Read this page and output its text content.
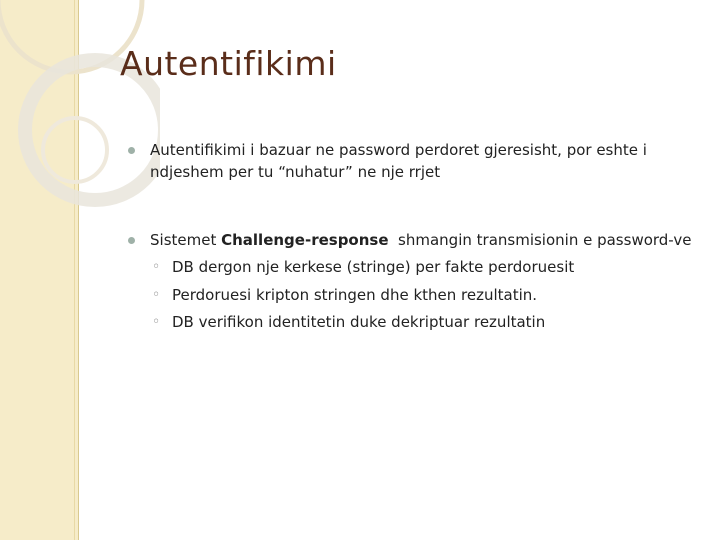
Autentifikimi
Autentifikimi i bazuar ne password perdoret gjeresisht, por eshte i
ndjeshem per tu “nuhatur” ne nje rrjet
Sistemet Challenge-response  shmangin transmisionin e password-ve
◦ DB dergon nje kerkese (stringe) per fakte perdoruesit
◦ Perdoruesi kripton stringen dhe kthen rezultatin.
◦ DB verifikon identitetin duke dekriptuar rezultatin
